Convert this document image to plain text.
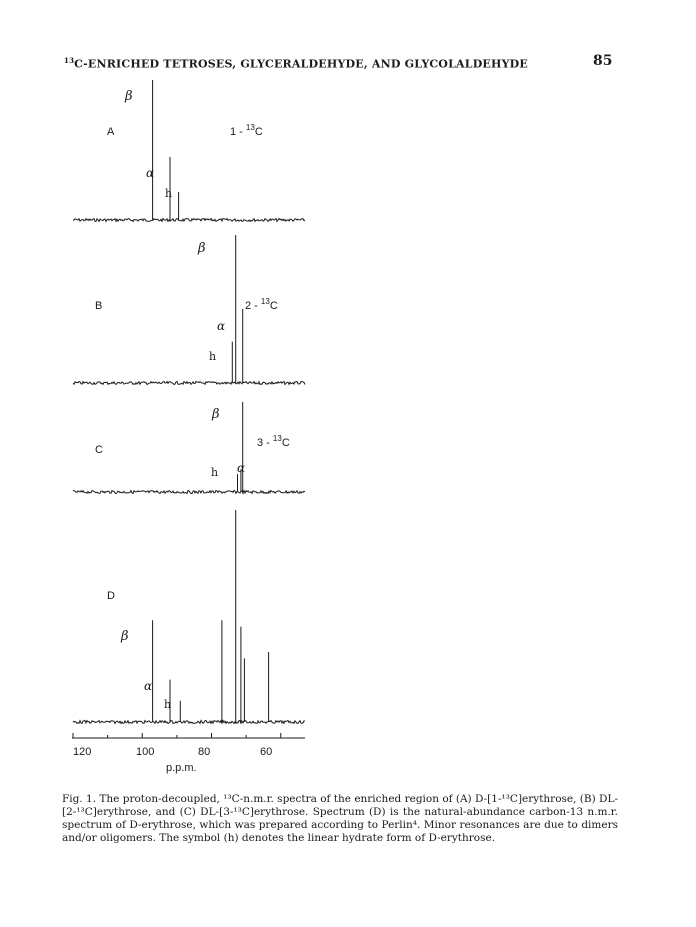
$^{13}$C-ENRICHED TETROSES, GLYCERALDEHYDE, AND GLYCOLALDEHYDE	85
A	1 - $^{13}$C
β
α
h
B	2 - $^{13}$C
β
α
h
C
3 - $^{13}$C
β
α
h
D
β
α
h
120	100	80	60
p.p.m.

Fig. 1. The proton-decoupled, ¹³C-n.m.r. spectra of the enriched region of (A) D-[1-¹³C]erythrose, (B) DL-[2-¹³C]erythrose, and (C) DL-[3-¹³C]erythrose. Spectrum (D) is the natural-abundance carbon-13 n.m.r. spectrum of D-erythrose, which was prepared according to Perlin⁴. Minor resonances are due to dimers and/or oligomers. The symbol (h) denotes the linear hydrate form of D-erythrose.
